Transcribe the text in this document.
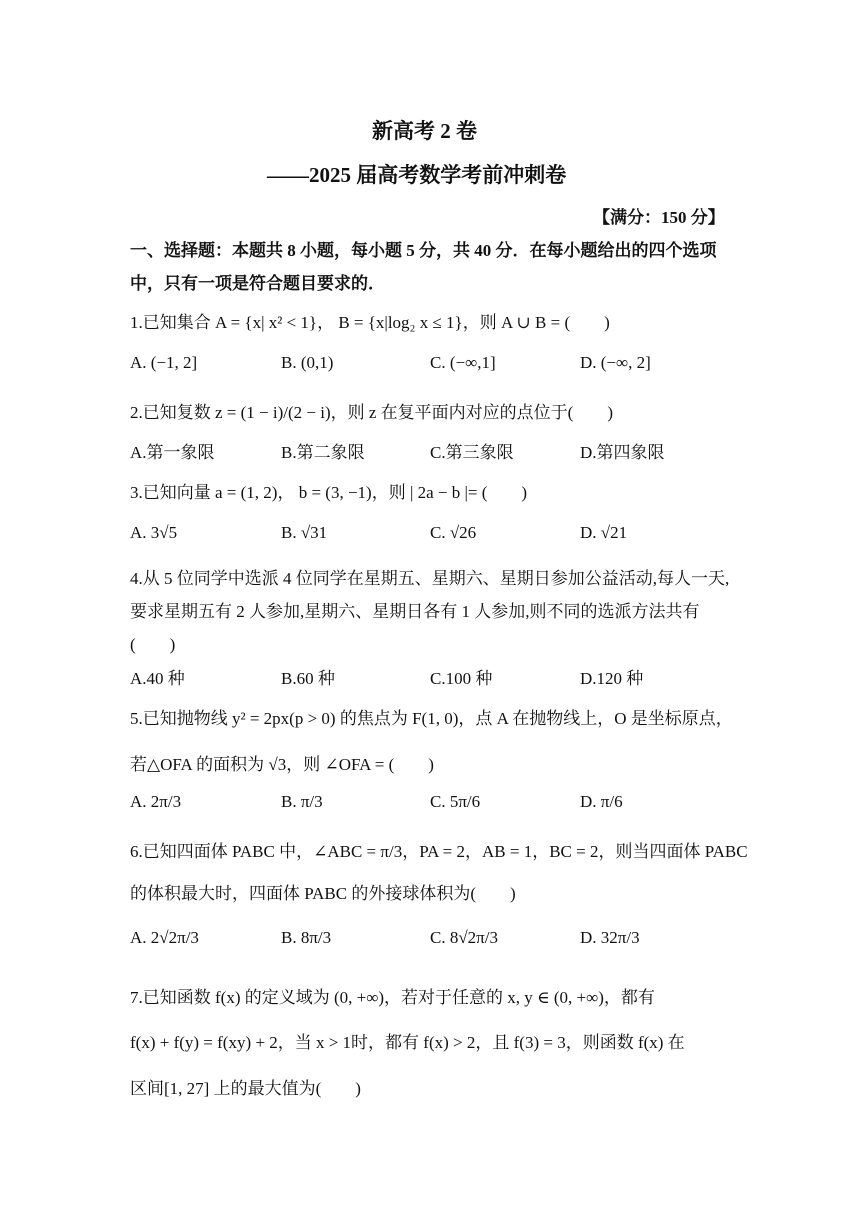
新高考 2 卷
——2025 届高考数学考前冲刺卷
【满分：150 分】
一、选择题：本题共 8 小题，每小题 5 分，共 40 分．在每小题给出的四个选项
中，只有一项是符合题目要求的．
1.已知集合 A = {x| x² < 1}， B = {x|log₂ x ≤ 1}，则 A ∪ B = (　　)
A. (−1, 2]	B. (0,1)	C. (−∞,1]	D. (−∞, 2]
2.已知复数 z = (1 − i)/(2 − i)，则 z 在复平面内对应的点位于(　　)
A.第一象限	B.第二象限	C.第三象限	D.第四象限
3.已知向量 a = (1, 2)， b = (3, −1)，则 | 2a − b |= (　　)
A. 3√5	B. √31	C. √26	D. √21
4.从 5 位同学中选派 4 位同学在星期五、星期六、星期日参加公益活动,每人一天,
要求星期五有 2 人参加,星期六、星期日各有 1 人参加,则不同的选派方法共有
(　　)
A.40 种	B.60 种	C.100 种	D.120 种
5.已知抛物线 y² = 2px(p > 0) 的焦点为 F(1, 0)，点 A 在抛物线上，O 是坐标原点，
若△OFA 的面积为 √3，则 ∠OFA = (　　)
A. 2π/3	B. π/3	C. 5π/6	D. π/6
6.已知四面体 PABC 中，∠ABC = π/3，PA = 2，AB = 1，BC = 2，则当四面体 PABC
的体积最大时，四面体 PABC 的外接球体积为(　　)
A. 2√2π/3	B. 8π/3	C. 8√2π/3	D. 32π/3
7.已知函数 f(x) 的定义域为 (0, +∞)，若对于任意的 x, y ∈ (0, +∞)，都有
f(x) + f(y) = f(xy) + 2，当 x > 1时，都有 f(x) > 2，且 f(3) = 3，则函数 f(x) 在
区间[1, 27] 上的最大值为(　　)
